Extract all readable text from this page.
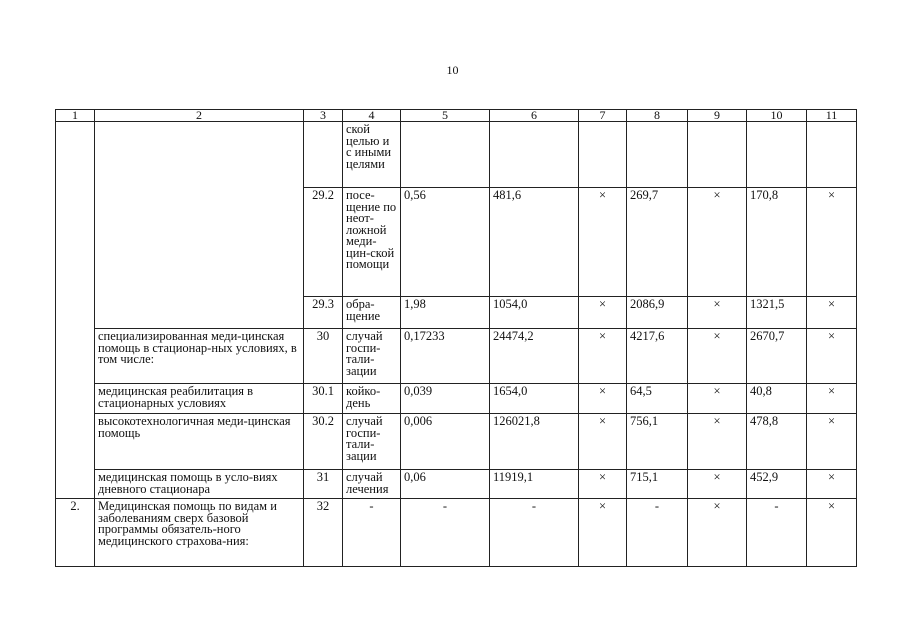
10
1	2	3	4	5	6	7	8	9	10	11
			ской целью и с иными целями							
		29.2	посе-щение по неот-ложной меди-цин-ской помощи	0,56	481,6	×	269,7	×	170,8	×
		29.3	обра-щение	1,98	1054,0	×	2086,9	×	1321,5	×
	специализированная меди-цинская помощь в стационар-ных условиях, в том числе:	30	случай госпи-тали-зации	0,17233	24474,2	×	4217,6	×	2670,7	×
	медицинская реабилитация в стационарных условиях	30.1	койко-день	0,039	1654,0	×	64,5	×	40,8	×
	высокотехнологичная меди-цинская помощь	30.2	случай госпи-тали-зации	0,006	126021,8	×	756,1	×	478,8	×
	медицинская помощь в усло-виях дневного стационара	31	случай лечения	0,06	11919,1	×	715,1	×	452,9	×
2.	Медицинская помощь по видам и заболеваниям сверх базовой программы обязатель-ного медицинского страхова-ния:	32	-	-	-	×	-	×	-	×
